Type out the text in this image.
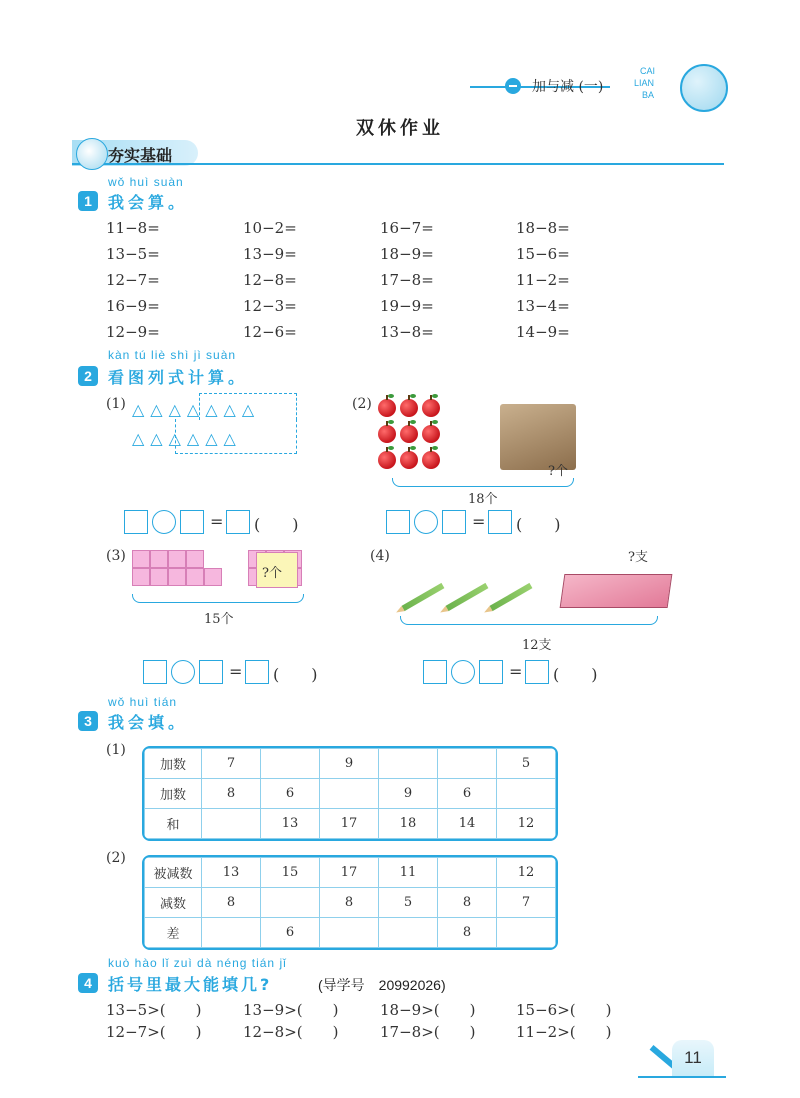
加与减 (一)
CAI
LIAN
BA
双休作业
夯实基础
wǒ huì suàn
1	我会算。
11−8=	10−2=	16−7=	18−8=
13−5=	13−9=	18−9=	15−6=
12−7=	12−8=	17−8=	11−2=
16−9=	12−3=	19−9=	13−4=
12−9=	12−6=	13−8=	14−9=
kàn tú liè shì jì suàn
2	看图列式计算。
(1) △△△△△△△
△△△△△△
(2)
?个
18个
= (　　)	= (　　)
(3)
?个
15个
(4)	?支
12支
= (　　)	= (　　)
wǒ huì tián
3	我会填。
(1)
加数	7		9			5
加数	8	6		9	6	
和		13	17	18	14	12
(2)
被减数	13	15	17	11		12
减数	8		8	5	8	7
差		6			8	
kuò hào lǐ zuì dà néng tián jǐ
4	括号里最大能填几?	(导学号　20992026)
13−5>(　　)	13−9>(　　)	18−9>(　　)	15−6>(　　)
12−7>(　　)	12−8>(　　)	17−8>(　　)	11−2>(　　)
11
